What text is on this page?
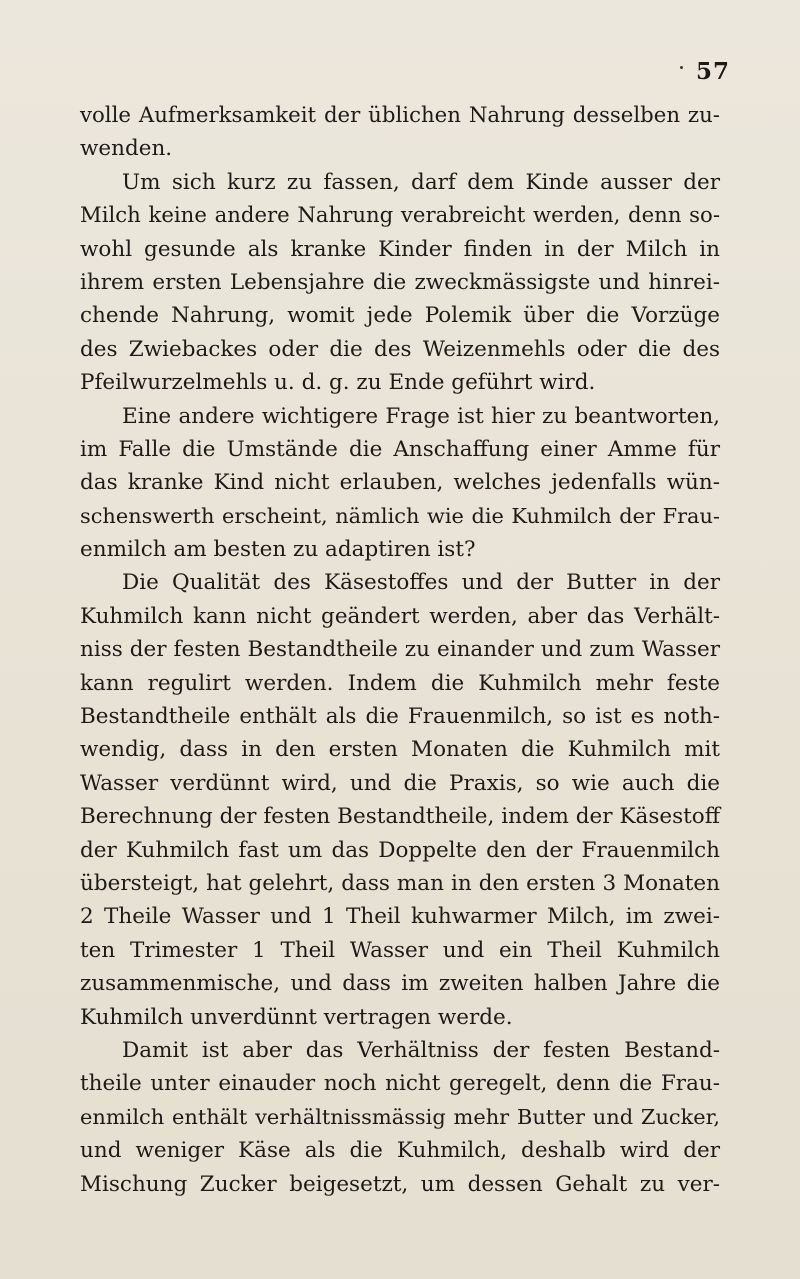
57
volle Aufmerksamkeit der üblichen Nahrung desselben zu-
wenden.
Um sich kurz zu fassen, darf dem Kinde ausser der
Milch keine andere Nahrung verabreicht werden, denn so-
wohl gesunde als kranke Kinder finden in der Milch in
ihrem ersten Lebensjahre die zweckmässigste und hinrei-
chende Nahrung, womit jede Polemik über die Vorzüge
des Zwiebackes oder die des Weizenmehls oder die des
Pfeilwurzelmehls u. d. g. zu Ende geführt wird.
Eine andere wichtigere Frage ist hier zu beantworten,
im Falle die Umstände die Anschaffung einer Amme für
das kranke Kind nicht erlauben, welches jedenfalls wün-
schenswerth erscheint, nämlich wie die Kuhmilch der Frau-
enmilch am besten zu adaptiren ist?
Die Qualität des Käsestoffes und der Butter in der
Kuhmilch kann nicht geändert werden, aber das Verhält-
niss der festen Bestandtheile zu einander und zum Wasser
kann regulirt werden. Indem die Kuhmilch mehr feste
Bestandtheile enthält als die Frauenmilch, so ist es noth-
wendig, dass in den ersten Monaten die Kuhmilch mit
Wasser verdünnt wird, und die Praxis, so wie auch die
Berechnung der festen Bestandtheile, indem der Käsestoff
der Kuhmilch fast um das Doppelte den der Frauenmilch
übersteigt, hat gelehrt, dass man in den ersten 3 Monaten
2 Theile Wasser und 1 Theil kuhwarmer Milch, im zwei-
ten Trimester 1 Theil Wasser und ein Theil Kuhmilch
zusammenmische, und dass im zweiten halben Jahre die
Kuhmilch unverdünnt vertragen werde.
Damit ist aber das Verhältniss der festen Bestand-
theile unter einauder noch nicht geregelt, denn die Frau-
enmilch enthält verhältnissmässig mehr Butter und Zucker,
und weniger Käse als die Kuhmilch, deshalb wird der
Mischung Zucker beigesetzt, um dessen Gehalt zu ver-
